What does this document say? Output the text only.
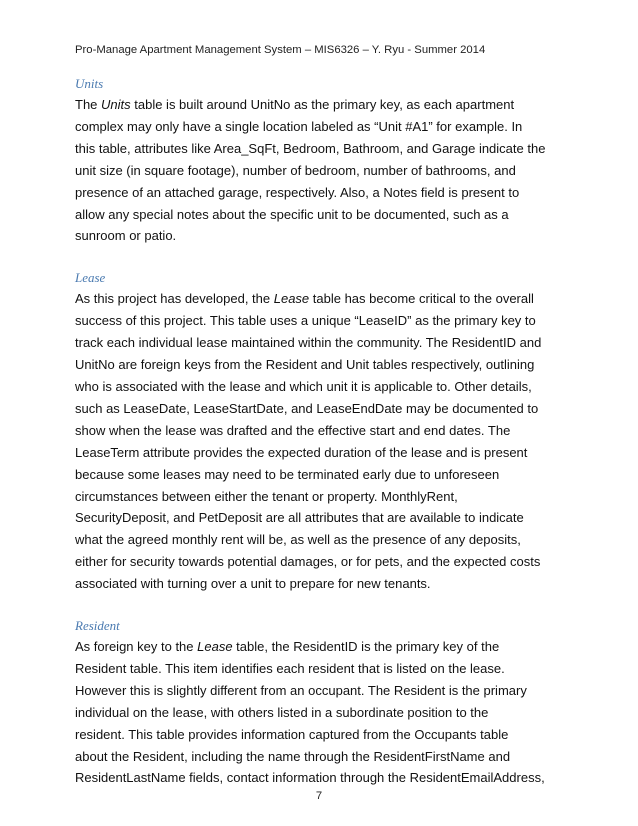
Pro-Manage Apartment Management System – MIS6326 – Y. Ryu - Summer 2014
Units
The Units table is built around UnitNo as the primary key, as each apartment
complex may only have a single location labeled as “Unit #A1” for example. In
this table, attributes like Area_SqFt, Bedroom, Bathroom, and Garage indicate the
unit size (in square footage), number of bedroom, number of bathrooms, and
presence of an attached garage, respectively. Also, a Notes field is present to
allow any special notes about the specific unit to be documented, such as a
sunroom or patio.
Lease
As this project has developed, the Lease table has become critical to the overall
success of this project. This table uses a unique “LeaseID” as the primary key to
track each individual lease maintained within the community. The ResidentID and
UnitNo are foreign keys from the Resident and Unit tables respectively, outlining
who is associated with the lease and which unit it is applicable to. Other details,
such as LeaseDate, LeaseStartDate, and LeaseEndDate may be documented to
show when the lease was drafted and the effective start and end dates. The
LeaseTerm attribute provides the expected duration of the lease and is present
because some leases may need to be terminated early due to unforeseen
circumstances between either the tenant or property. MonthlyRent,
SecurityDeposit, and PetDeposit are all attributes that are available to indicate
what the agreed monthly rent will be, as well as the presence of any deposits,
either for security towards potential damages, or for pets, and the expected costs
associated with turning over a unit to prepare for new tenants.
Resident
As foreign key to the Lease table, the ResidentID is the primary key of the
Resident table. This item identifies each resident that is listed on the lease.
However this is slightly different from an occupant. The Resident is the primary
individual on the lease, with others listed in a subordinate position to the
resident. This table provides information captured from the Occupants table
about the Resident, including the name through the ResidentFirstName and
ResidentLastName fields, contact information through the ResidentEmailAddress,
7
